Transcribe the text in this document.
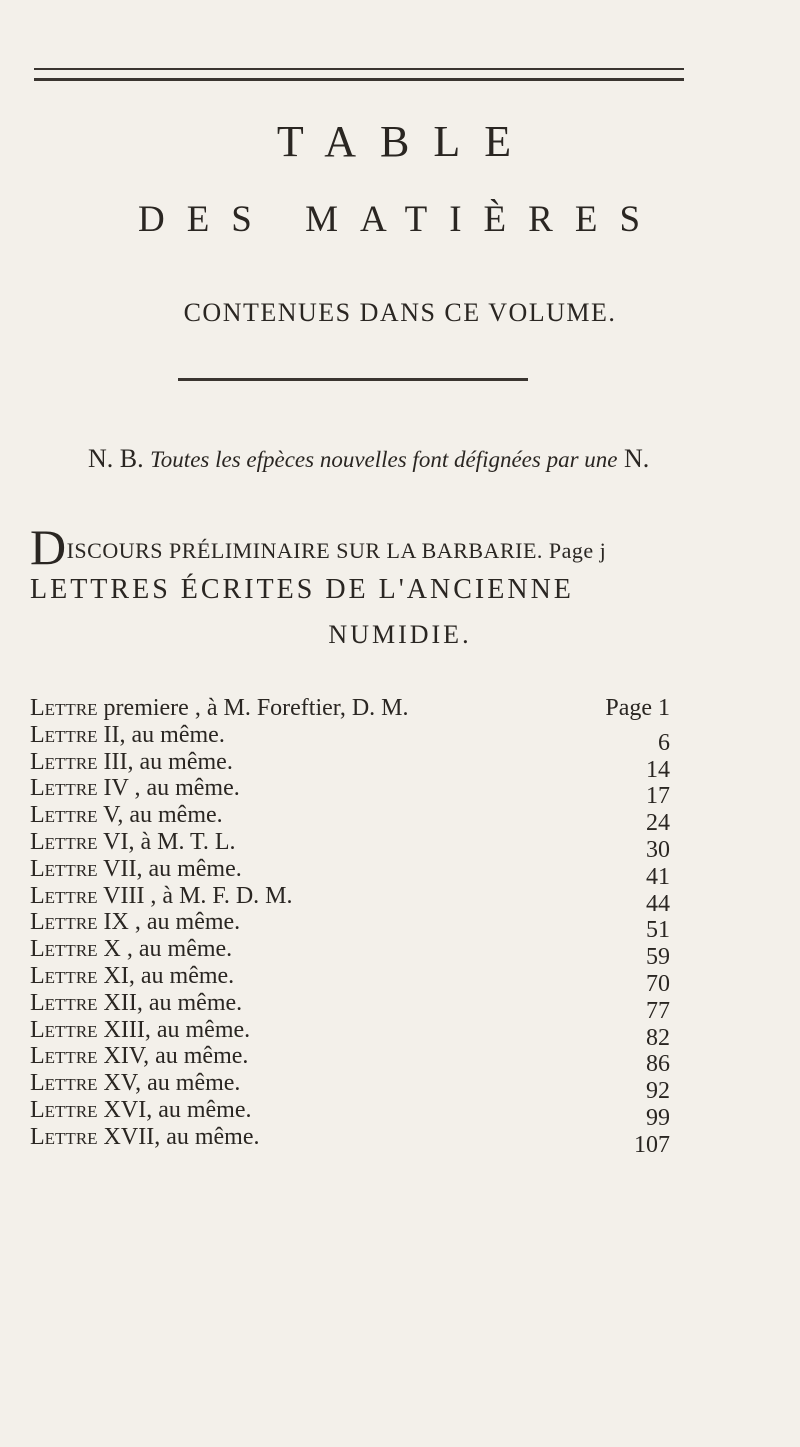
TABLE
DES MATIÈRES
CONTENUES DANS CE VOLUME.
N. B. Toutes les efpèces nouvelles font défignées par une N.
DISCOURS PRÉLIMINAIRE SUR LA BARBARIE. Page j
LETTRES ÉCRITES DE L'ANCIENNE
NUMIDIE.
Lettre premiere , à M. Foreftier, D. M.	Page 1
Lettre II, au même.	6
Lettre III, au même.	14
Lettre IV , au même.	17
Lettre V, au même.	24
Lettre VI, à M. T. L.	30
Lettre VII, au même.	41
Lettre VIII , à M. F. D. M.	44
Lettre IX , au même.	51
Lettre X , au même.	59
Lettre XI, au même.	70
Lettre XII, au même.	77
Lettre XIII, au même.	82
Lettre XIV, au même.	86
Lettre XV, au même.	92
Lettre XVI, au même.	99
Lettre XVII, au même.	107
